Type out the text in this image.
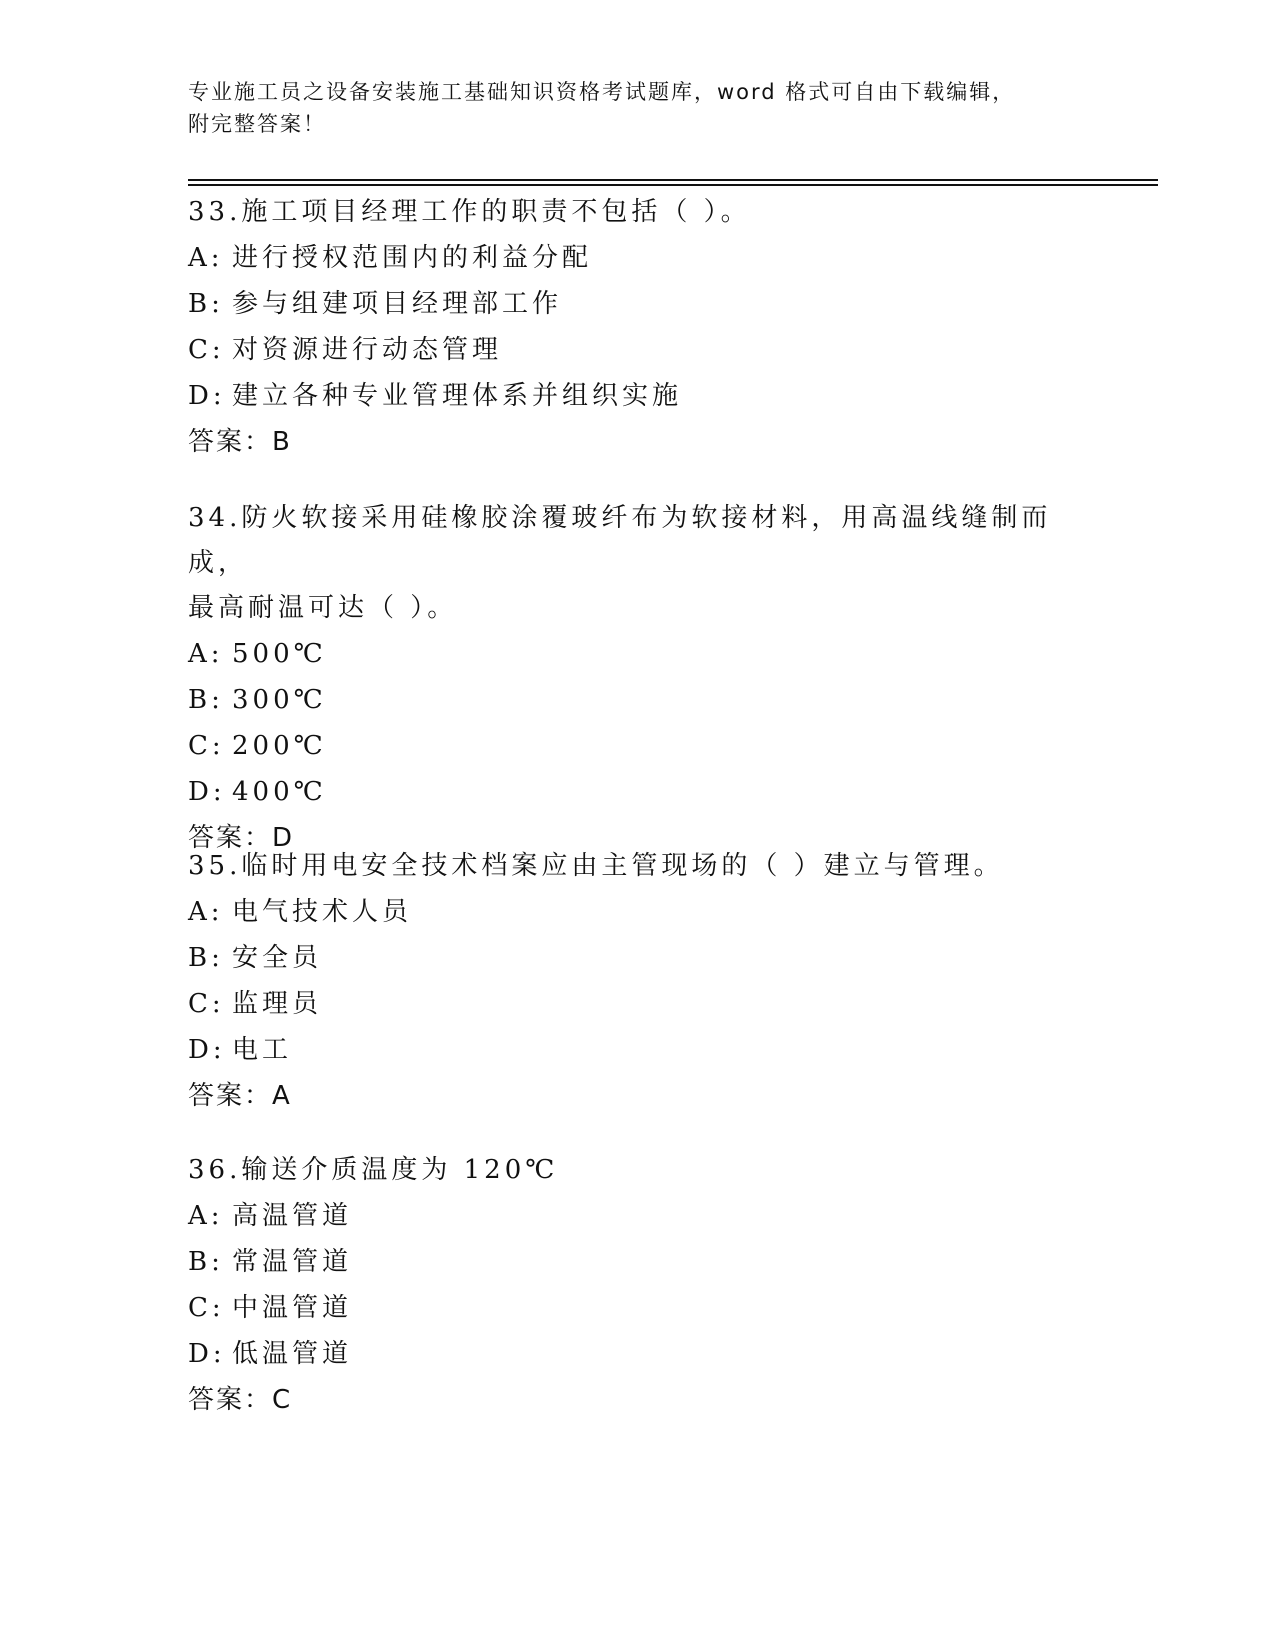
专业施工员之设备安装施工基础知识资格考试题库，word 格式可自由下载编辑，
附完整答案！
33.施工项目经理工作的职责不包括（ ）。
A: 进行授权范围内的利益分配
B: 参与组建项目经理部工作
C: 对资源进行动态管理
D: 建立各种专业管理体系并组织实施
答案：B
34.防火软接采用硅橡胶涂覆玻纤布为软接材料，用高温线缝制而成，
最高耐温可达（ ）。
A: 500℃
B: 300℃
C: 200℃
D: 400℃
答案：D
35.临时用电安全技术档案应由主管现场的（ ）建立与管理。
A: 电气技术人员
B: 安全员
C: 监理员
D: 电工
答案：A
36.输送介质温度为 120℃
A: 高温管道
B: 常温管道
C: 中温管道
D: 低温管道
答案：C
